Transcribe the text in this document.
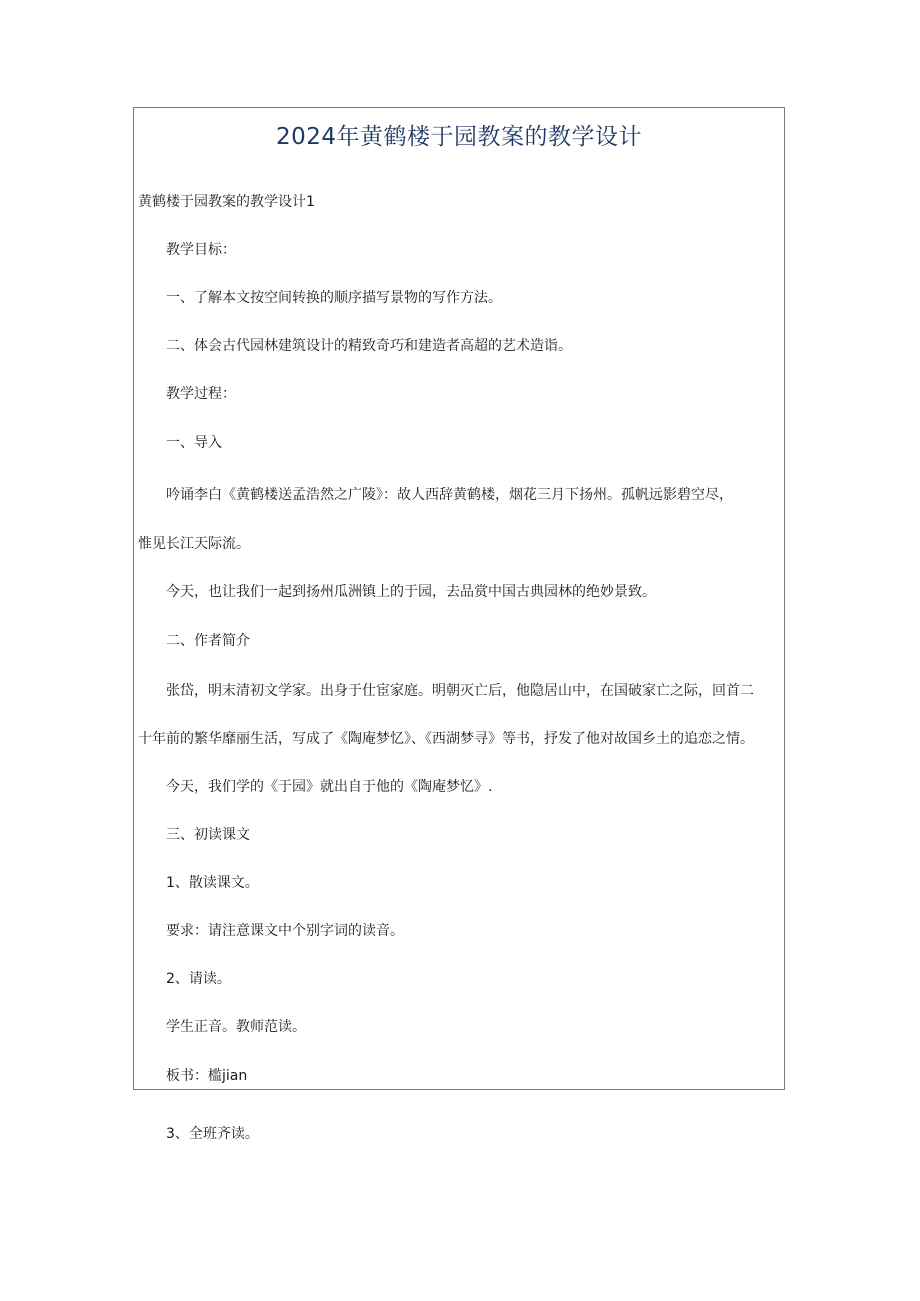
2024年黄鹤楼于园教案的教学设计

黄鹤楼于园教案的教学设计1

教学目标：

一、了解本文按空间转换的顺序描写景物的写作方法。

二、体会古代园林建筑设计的精致奇巧和建造者高超的艺术造诣。

教学过程：

一、导入

吟诵李白《黄鹤楼送孟浩然之广陵》：故人西辞黄鹤楼，烟花三月下扬州。孤帆远影碧空尽，

惟见长江天际流。

今天，也让我们一起到扬州瓜洲镇上的于园，去品赏中国古典园林的绝妙景致。

二、作者简介

张岱，明末清初文学家。出身于仕宦家庭。明朝灭亡后，他隐居山中，在国破家亡之际，回首二

十年前的繁华靡丽生活，写成了《陶庵梦忆》、《西湖梦寻》等书，抒发了他对故国乡土的追恋之情。

今天，我们学的《于园》就出自于他的《陶庵梦忆》.

三、初读课文

1、散读课文。

要求：请注意课文中个别字词的读音。

2、请读。

学生正音。教师范读。

板书：槛jian

3、全班齐读。
